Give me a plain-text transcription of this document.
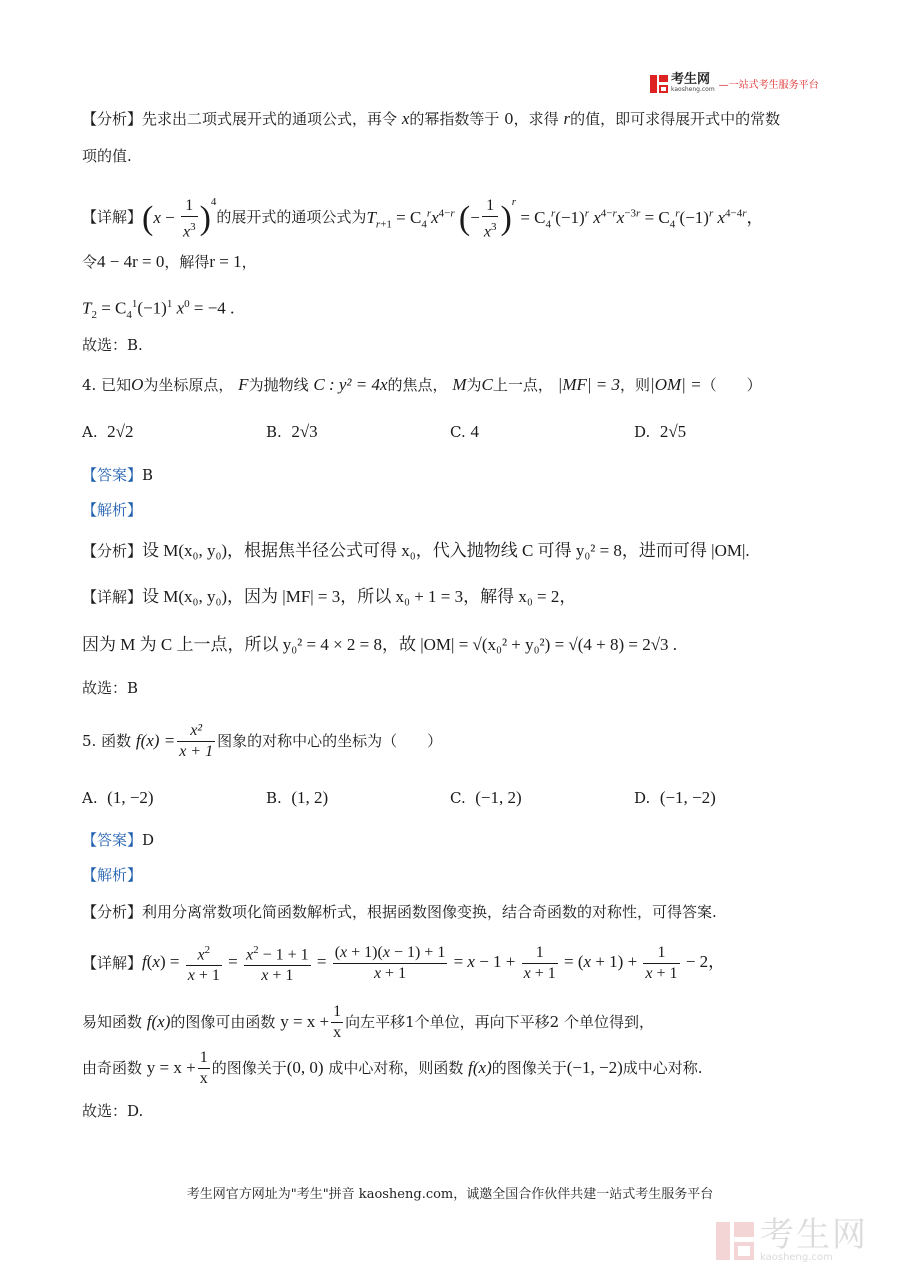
考生网
kaosheng.com —一站式考生服务平台
【分析】先求出二项式展开式的通项公式，再令 x的幂指数等于 0，求得 r的值，即可求得展开式中的常数
项的值.
【详解】 $(x - \frac{1}{x^3} )^4$
的展开式的通项公式为 $T_{r+1} = C_4^rx^{4-r}$ (− $\frac{1}{x^3} )^r = C_4^r(-1)^r$ $x^{4-r}x^{-3r} = C_4^r(-1)^r$ $x^{4-4r}$，
令4 − 4r = 0，解得r = 1，
$T_2 = C_4^1(-1)^1$ $x^0 = -4$ .
故选：B.
4. 已知O为坐标原点， F为抛物线 C : y² = 4x的焦点， M为C上一点， |MF| = 3，则|OM| =（　　）
A. 2√2	B. 2√3	C. 4	D. 2√5
【答案】B
【解析】
【分析】设 M(x₀, y₀)，根据焦半径公式可得 x₀，代入抛物线 C 可得 y₀² = 8，进而可得 |OM|.
【详解】设 M(x₀, y₀)，因为 |MF| = 3，所以 x₀ + 1 = 3，解得 x₀ = 2，
因为 M 为 C 上一点，所以 y₀² = 4 × 2 = 8，故 |OM| = √(x₀² + y₀²) = √(4 + 8) = 2√3 .
故选：B
5. 函数
$f(x) = \frac{\text{x²}}{x + 1}$ 图象的对称中心的坐标为（　　）
A. (1, −2)	B. (1, 2)	C. (−1, 2)	D. (−1, −2)
【答案】D
【解析】
【分析】利用分离常数项化简函数解析式，根据函数图像变换，结合奇函数的对称性，可得答案.
【详解】 $f(x) = \frac{x^2}{x + 1} = \frac{x^2 - 1 + 1}{x + 1} = \frac{(x + 1)(x - 1) + 1}{x + 1} = x - 1 + \frac{1}{x + 1} = (x + 1) + \frac{1}{x + 1} - 2$，
易知函数
f(x) 的图像可由函数
$y = x + \frac{1}{x}$ 向左平移1个单位，再向下平移2 个单位得到，
由奇函数
$y = x + \frac{1}{x}$ 的图像关于 (0, 0)
成中心对称，则函数
f(x) 的图像关于 (−1, −2) 成中心对称.
故选：D.
考生网官方网址为"考生"拼音 kaosheng.com，诚邀全国合作伙伴共建一站式考生服务平台
考生网
kaosheng.com
